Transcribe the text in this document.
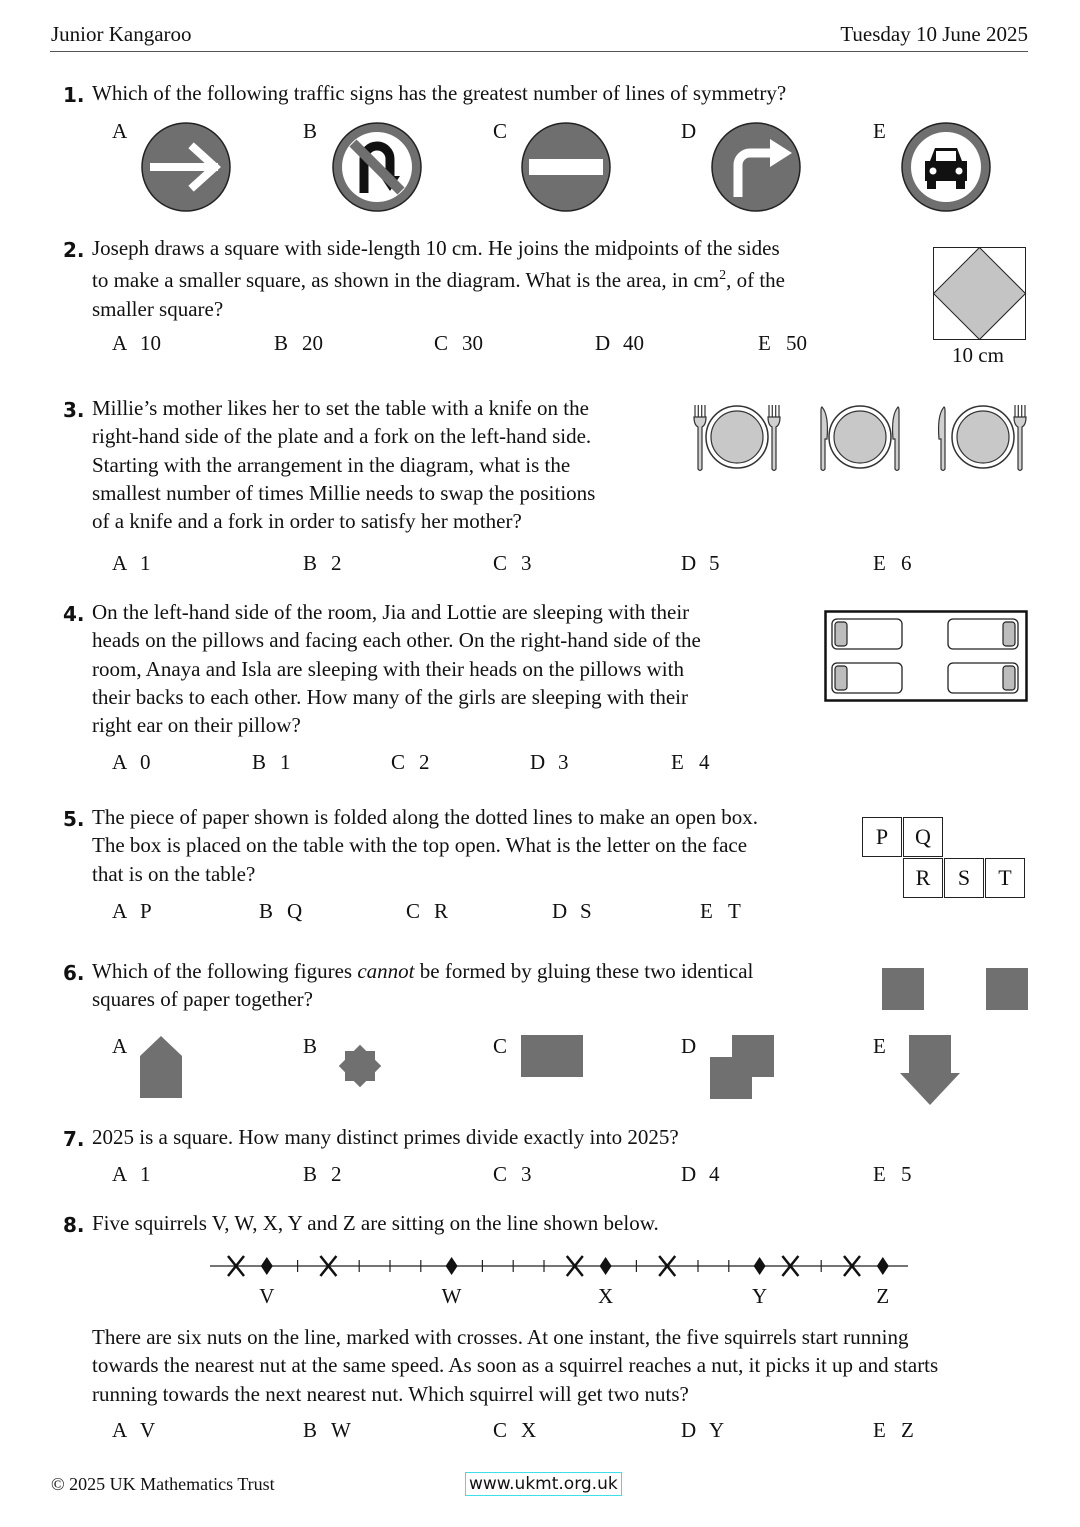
Junior Kangaroo	Tuesday 10 June 2025
1. Which of the following traffic signs has the greatest number of lines of symmetry?
A	B	C	D	E
2. Joseph draws a square with side-length 10 cm. He joins the midpoints of the sides
to make a smaller square, as shown in the diagram. What is the area, in $cm^2$, of the
smaller square?
10 cm
A 10	B 20	C 30	D 40	E 50
3. Millie’s mother likes her to set the table with a knife on the
right-hand side of the plate and a fork on the left-hand side.
Starting with the arrangement in the diagram, what is the
smallest number of times Millie needs to swap the positions
of a knife and a fork in order to satisfy her mother?
A 1	B 2	C 3	D 5	E 6
4. On the left-hand side of the room, Jia and Lottie are sleeping with their
heads on the pillows and facing each other. On the right-hand side of the
room, Anaya and Isla are sleeping with their heads on the pillows with
their backs to each other. How many of the girls are sleeping with their
right ear on their pillow?
A 0	B 1	C 2	D 3	E 4
5. The piece of paper shown is folded along the dotted lines to make an open box.
The box is placed on the table with the top open. What is the letter on the face
that is on the table?
P	Q
R	S	T
A P	B Q	C R	D S	E T
6. Which of the following figures cannot be formed by gluing these two identical
squares of paper together?
A	B	C	D	E
7. 2025 is a square. How many distinct primes divide exactly into 2025?
A 1	B 2	C 3	D 4	E 5
8. Five squirrels V, W, X, Y and Z are sitting on the line shown below.
V	W	X	Y	Z
There are six nuts on the line, marked with crosses. At one instant, the five squirrels start running
towards the nearest nut at the same speed. As soon as a squirrel reaches a nut, it picks it up and starts
running towards the next nearest nut. Which squirrel will get two nuts?
A V	B W	C X	D Y	E Z
© 2025 UK Mathematics Trust	www.ukmt.org.uk
